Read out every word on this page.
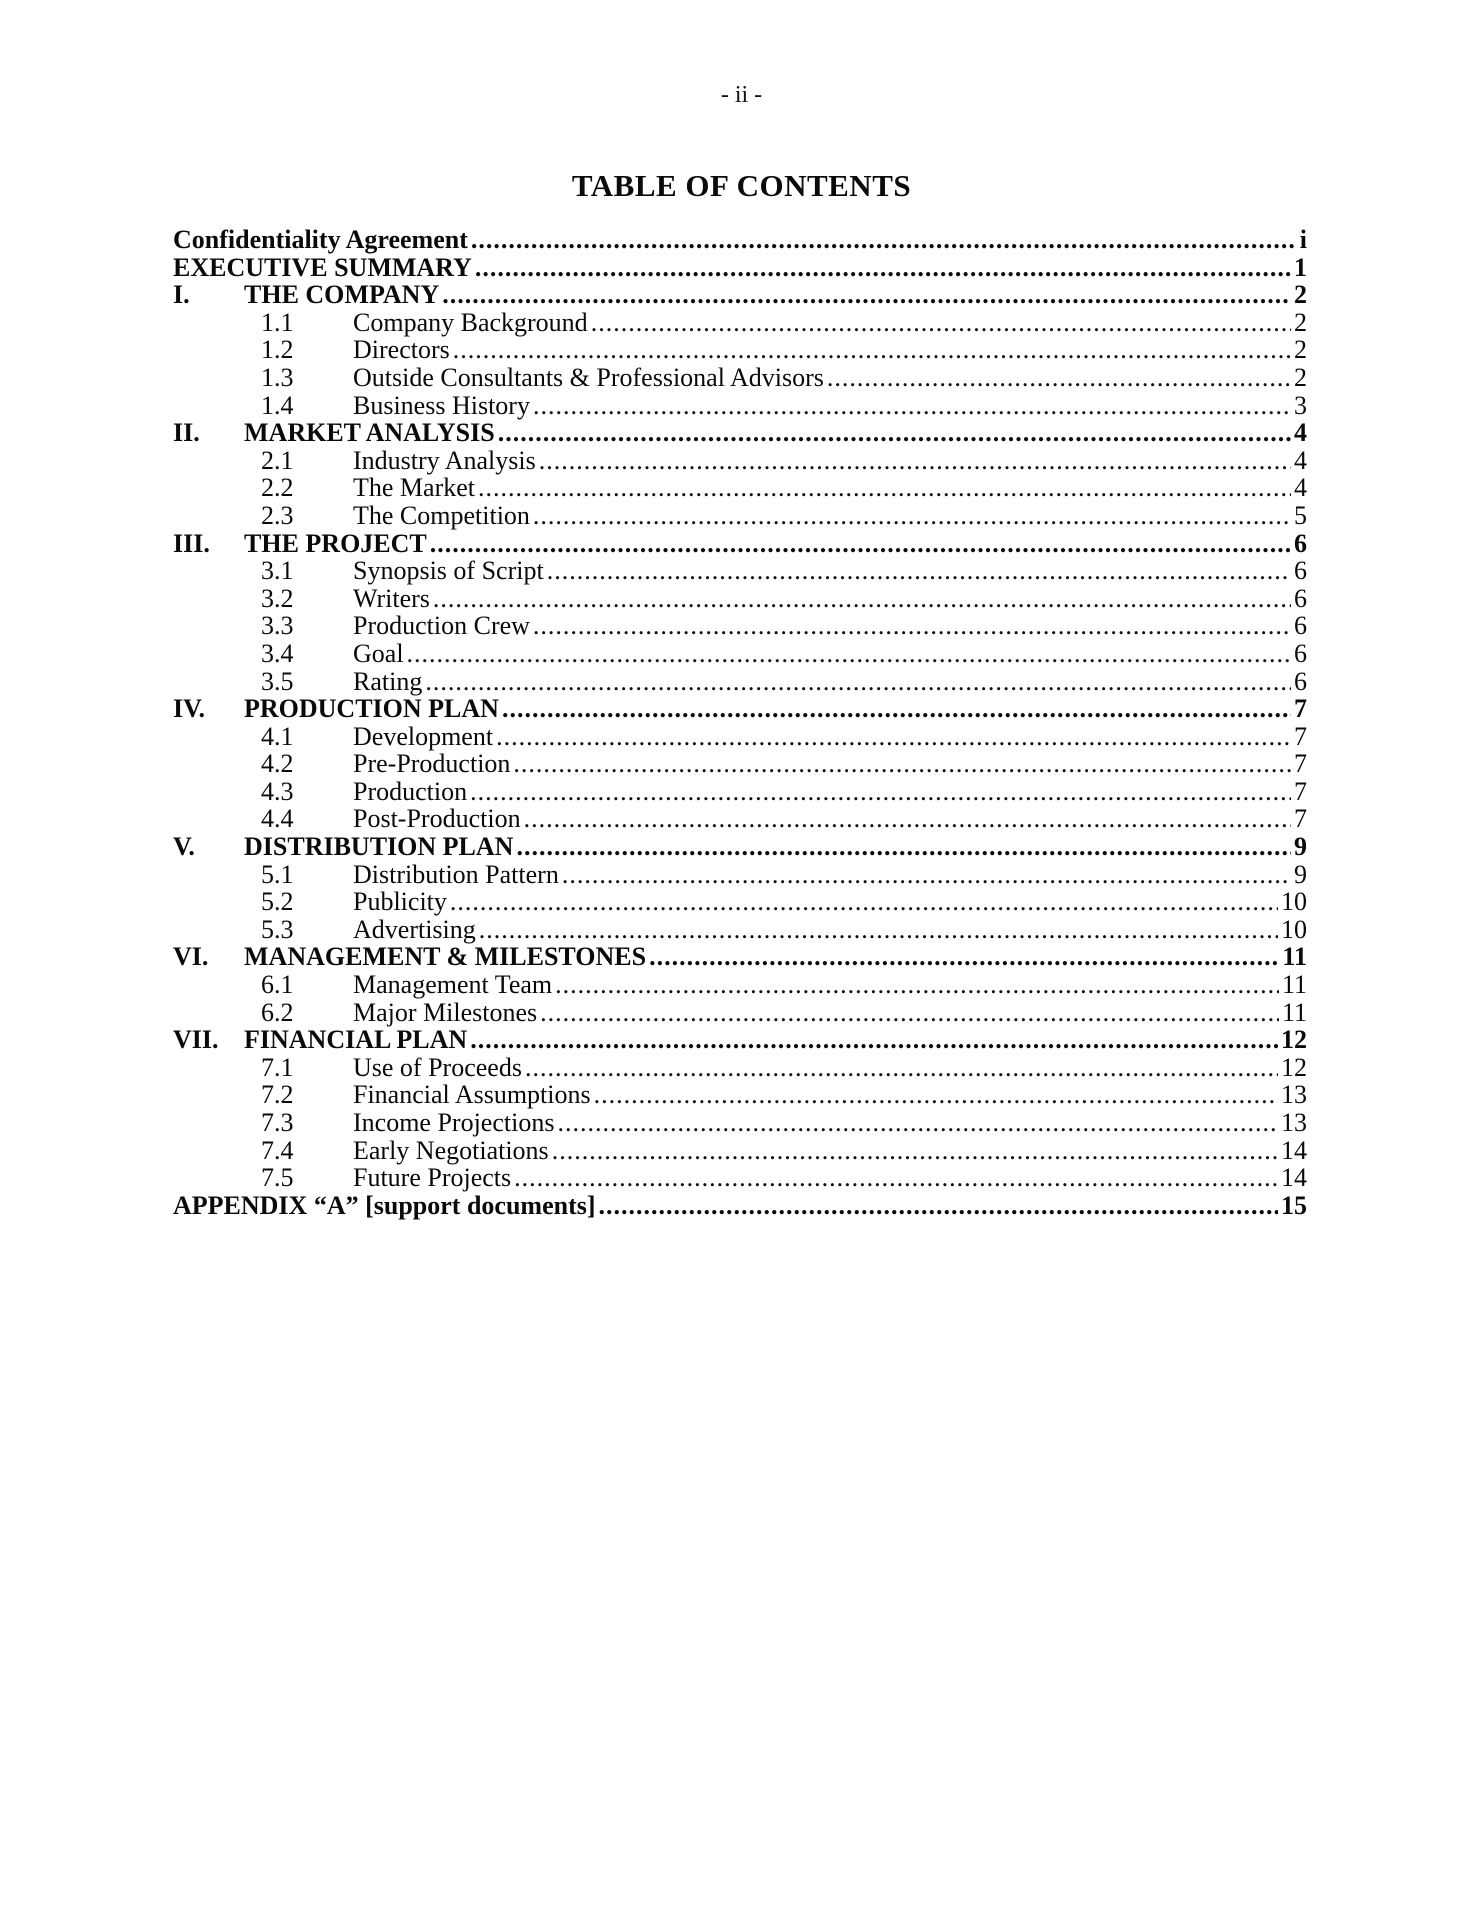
- ii -
TABLE OF CONTENTS
Confidentiality Agreement .....	i
EXECUTIVE SUMMARY .....	1
I.	THE COMPANY .....	2
1.1	Company Background .....	2
1.2	Directors .....	2
1.3	Outside Consultants & Professional Advisors .....	2
1.4	Business History .....	3
II.	MARKET ANALYSIS .....	4
2.1	Industry Analysis .....	4
2.2	The Market .....	4
2.3	The Competition .....	5
III.	THE PROJECT .....	6
3.1	Synopsis of Script .....	6
3.2	Writers .....	6
3.3	Production Crew .....	6
3.4	Goal .....	6
3.5	Rating .....	6
IV.	PRODUCTION PLAN .....	7
4.1	Development .....	7
4.2	Pre-Production .....	7
4.3	Production .....	7
4.4	Post-Production .....	7
V.	DISTRIBUTION PLAN .....	9
5.1	Distribution Pattern .....	9
5.2	Publicity .....	10
5.3	Advertising .....	10
VI.	MANAGEMENT & MILESTONES .....	11
6.1	Management Team .....	11
6.2	Major Milestones .....	11
VII. FINANCIAL PLAN .....	12
7.1	Use of Proceeds .....	12
7.2	Financial Assumptions .....	13
7.3	Income Projections .....	13
7.4	Early Negotiations .....	14
7.5	Future Projects .....	14
APPENDIX “A” [support documents] .....	15
